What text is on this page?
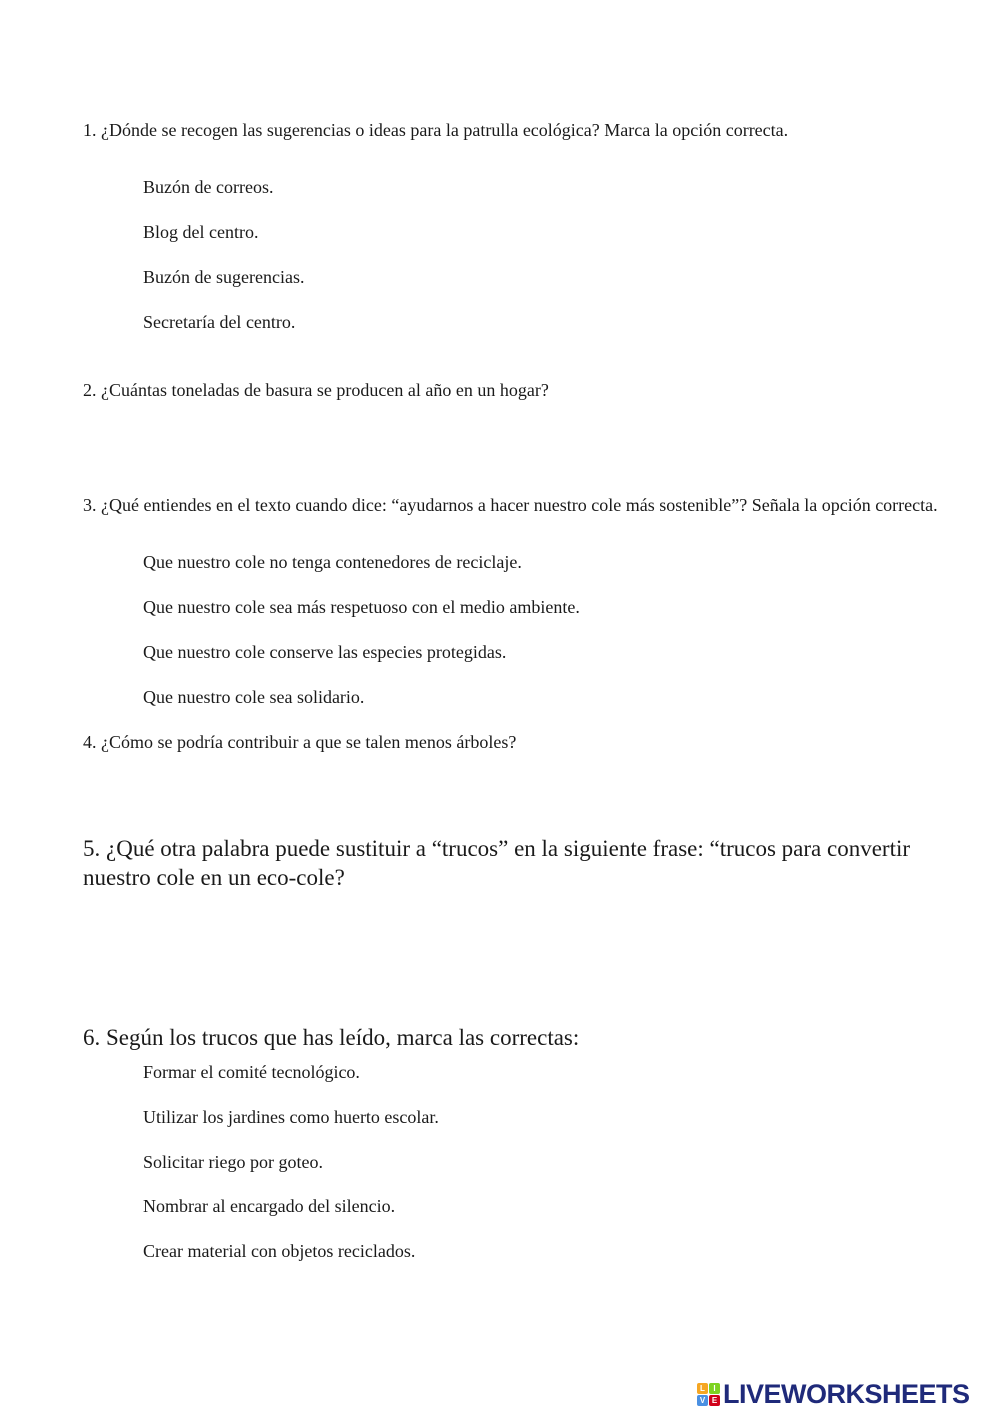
1. ¿Dónde se recogen las sugerencias o ideas para la patrulla ecológica? Marca la opción correcta.

Buzón de correos.
Blog del centro.
Buzón de sugerencias.
Secretaría del centro.

2. ¿Cuántas toneladas de basura se producen al año en un hogar?

3. ¿Qué entiendes en el texto cuando dice: “ayudarnos a hacer nuestro cole más sostenible”? Señala la opción correcta.

Que nuestro cole no tenga contenedores de reciclaje.
Que nuestro cole sea más respetuoso con el medio ambiente.
Que nuestro cole conserve las especies protegidas.
Que nuestro cole sea solidario.

4. ¿Cómo se podría contribuir a que se talen menos árboles?

5. ¿Qué otra palabra puede sustituir a “trucos” en la siguiente frase: “trucos para convertir nuestro cole en un eco-cole?

6. Según los trucos que has leído, marca las correctas:

Formar el comité tecnológico.
Utilizar los jardines como huerto escolar.
Solicitar riego por goteo.
Nombrar al encargado del silencio.
Crear material con objetos reciclados.
L	I
V E LIVEWORKSHEETS
